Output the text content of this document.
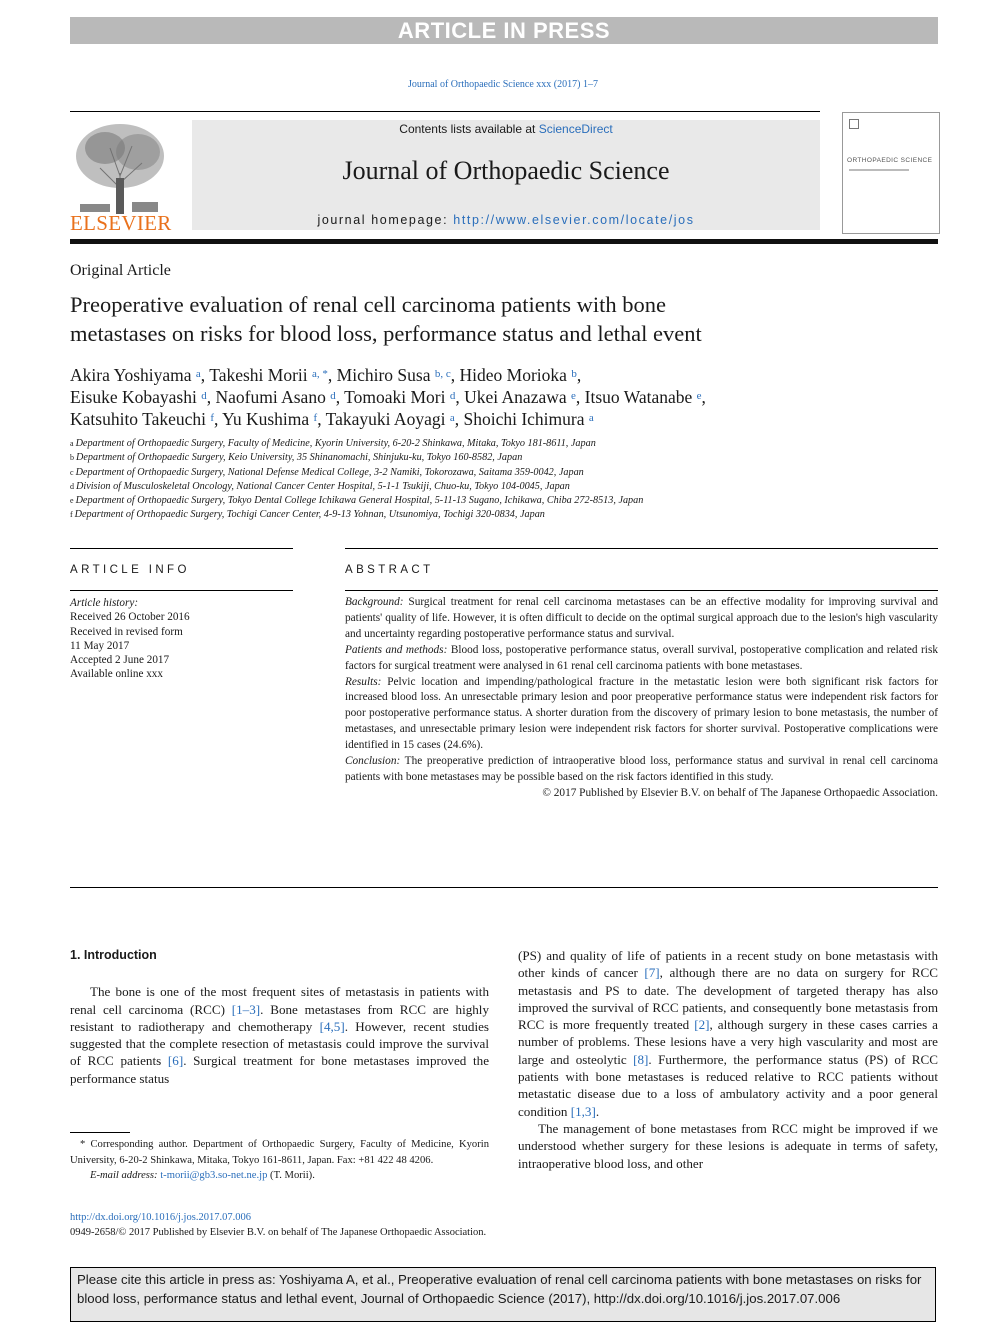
ARTICLE IN PRESS
Journal of Orthopaedic Science xxx (2017) 1–7
ELSEVIER
Contents lists available at ScienceDirect
Journal of Orthopaedic Science
journal homepage: http://www.elsevier.com/locate/jos
ORTHOPAEDIC SCIENCE
Original Article
Preoperative evaluation of renal cell carcinoma patients with bone
metastases on risks for blood loss, performance status and lethal event
Akira Yoshiyama $^a$, Takeshi Morii $^{a, *}$, Michiro Susa $^{b, c}$, Hideo Morioka $^b$,
Eisuke Kobayashi $^d$, Naofumi Asano $^d$, Tomoaki Mori $^d$, Ukei Anazawa $^e$, Itsuo Watanabe $^e$,
Katsuhito Takeuchi $^f$, Yu Kushima $^f$, Takayuki Aoyagi $^a$, Shoichi Ichimura $^a$
$^a$ Department of Orthopaedic Surgery, Faculty of Medicine, Kyorin University, 6-20-2 Shinkawa, Mitaka, Tokyo 181-8611, Japan
$^b$ Department of Orthopaedic Surgery, Keio University, 35 Shinanomachi, Shinjuku-ku, Tokyo 160-8582, Japan
$^c$ Department of Orthopaedic Surgery, National Defense Medical College, 3-2 Namiki, Tokorozawa, Saitama 359-0042, Japan
$^d$ Division of Musculoskeletal Oncology, National Cancer Center Hospital, 5-1-1 Tsukiji, Chuo-ku, Tokyo 104-0045, Japan
$^e$ Department of Orthopaedic Surgery, Tokyo Dental College Ichikawa General Hospital, 5-11-13 Sugano, Ichikawa, Chiba 272-8513, Japan
$^f$ Department of Orthopaedic Surgery, Tochigi Cancer Center, 4-9-13 Yohnan, Utsunomiya, Tochigi 320-0834, Japan
ARTICLE INFO	ABSTRACT
Article history:
Received 26 October 2016
Received in revised form
11 May 2017
Accepted 2 June 2017
Available online xxx
Background: Surgical treatment for renal cell carcinoma metastases can be an effective modality for improving survival and patients' quality of life. However, it is often difficult to decide on the optimal surgical approach due to the lesion's high vascularity and uncertainty regarding postoperative performance status and survival.
Patients and methods: Blood loss, postoperative performance status, overall survival, postoperative complication and related risk factors for surgical treatment were analysed in 61 renal cell carcinoma patients with bone metastases.
Results: Pelvic location and impending/pathological fracture in the metastatic lesion were both significant risk factors for increased blood loss. An unresectable primary lesion and poor preoperative performance status were independent risk factors for poor postoperative performance status. A shorter duration from the discovery of primary lesion to bone metastasis, the number of metastases, and unresectable primary lesion were independent risk factors for shorter survival. Postoperative complications were identified in 15 cases (24.6%).
Conclusion: The preoperative prediction of intraoperative blood loss, performance status and survival in renal cell carcinoma patients with bone metastases may be possible based on the risk factors identified in this study.
© 2017 Published by Elsevier B.V. on behalf of The Japanese Orthopaedic Association.
1. Introduction

The bone is one of the most frequent sites of metastasis in patients with renal cell carcinoma (RCC) [1–3]. Bone metastases from RCC are highly resistant to radiotherapy and chemotherapy [4,5]. However, recent studies suggested that the complete resection of metastasis could improve the survival of RCC patients [6]. Surgical treatment for bone metastases improved the performance status

(PS) and quality of life of patients in a recent study on bone metastasis with other kinds of cancer [7], although there are no data on surgery for RCC metastasis and PS to date. The development of targeted therapy has also improved the survival of RCC patients, and consequently bone metastasis from RCC is more frequently treated [2], although surgery in these cases carries a number of problems. These lesions have a very high vascularity and most are large and osteolytic [8]. Furthermore, the performance status (PS) of RCC patients with bone metastases is reduced relative to RCC patients without metastatic disease due to a loss of ambulatory activity and a poor general condition [1,3].

The management of bone metastases from RCC might be improved if we understood whether surgery for these lesions is adequate in terms of safety, intraoperative blood loss, and other

* Corresponding author. Department of Orthopaedic Surgery, Faculty of Medicine, Kyorin University, 6-20-2 Shinkawa, Mitaka, Tokyo 161-8611, Japan. Fax: +81 422 48 4206.
E-mail address: t-morii@gb3.so-net.ne.jp (T. Morii).
http://dx.doi.org/10.1016/j.jos.2017.07.006
0949-2658/© 2017 Published by Elsevier B.V. on behalf of The Japanese Orthopaedic Association.
Please cite this article in press as: Yoshiyama A, et al., Preoperative evaluation of renal cell carcinoma patients with bone metastases on risks for blood loss, performance status and lethal event, Journal of Orthopaedic Science (2017), http://dx.doi.org/10.1016/j.jos.2017.07.006
